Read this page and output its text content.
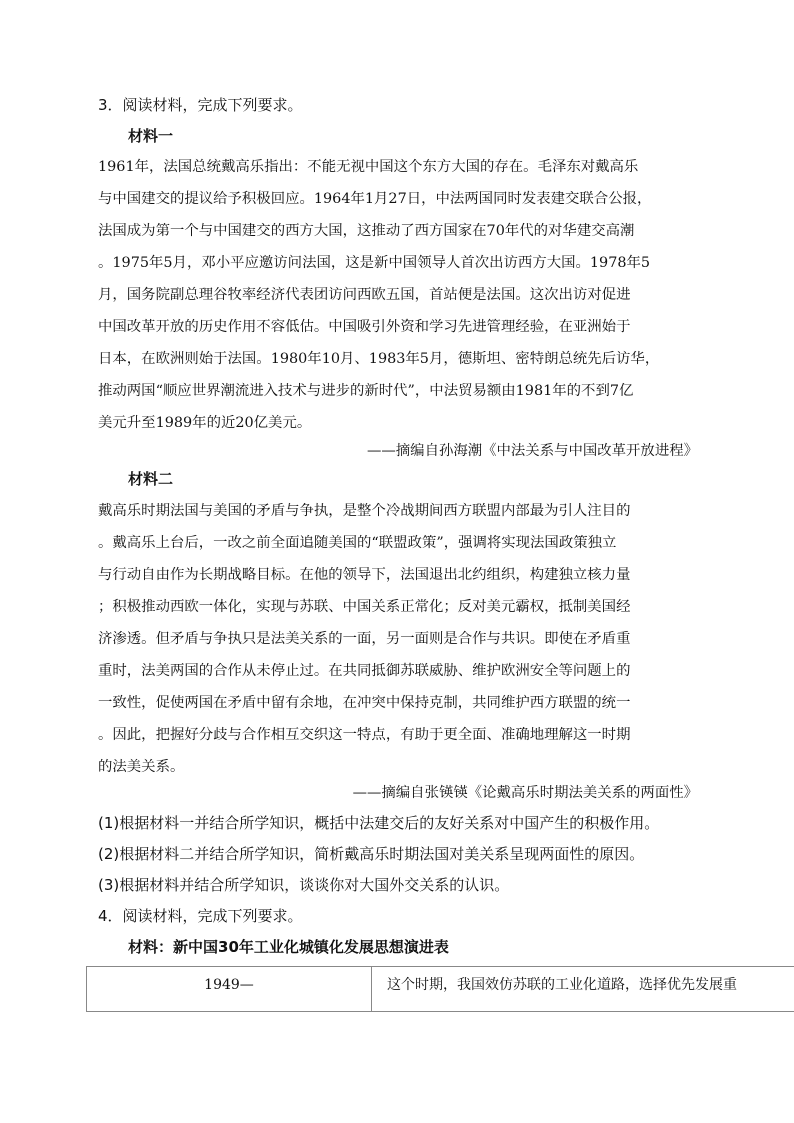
3．阅读材料，完成下列要求。
材料一
1961年，法国总统戴高乐指出：不能无视中国这个东方大国的存在。毛泽东对戴高乐
与中国建交的提议给予积极回应。1964年1月27日，中法两国同时发表建交联合公报，
法国成为第一个与中国建交的西方大国，这推动了西方国家在70年代的对华建交高潮
。1975年5月，邓小平应邀访问法国，这是新中国领导人首次出访西方大国。1978年5
月，国务院副总理谷牧率经济代表团访问西欧五国，首站便是法国。这次出访对促进
中国改革开放的历史作用不容低估。中国吸引外资和学习先进管理经验，在亚洲始于
日本，在欧洲则始于法国。1980年10月、1983年5月，德斯坦、密特朗总统先后访华，
推动两国“顺应世界潮流进入技术与进步的新时代”，中法贸易额由1981年的不到7亿
美元升至1989年的近20亿美元。
——摘编自孙海潮《中法关系与中国改革开放进程》
材料二
戴高乐时期法国与美国的矛盾与争执，是整个冷战期间西方联盟内部最为引人注目的
。戴高乐上台后，一改之前全面追随美国的“联盟政策”，强调将实现法国政策独立
与行动自由作为长期战略目标。在他的领导下，法国退出北约组织，构建独立核力量
；积极推动西欧一体化，实现与苏联、中国关系正常化；反对美元霸权，抵制美国经
济渗透。但矛盾与争执只是法美关系的一面，另一面则是合作与共识。即使在矛盾重
重时，法美两国的合作从未停止过。在共同抵御苏联威胁、维护欧洲安全等问题上的
一致性，促使两国在矛盾中留有余地，在冲突中保持克制，共同维护西方联盟的统一
。因此，把握好分歧与合作相互交织这一特点，有助于更全面、准确地理解这一时期
的法美关系。
——摘编自张锳锳《论戴高乐时期法美关系的两面性》
(1)根据材料一并结合所学知识，概括中法建交后的友好关系对中国产生的积极作用。
(2)根据材料二并结合所学知识，简析戴高乐时期法国对美关系呈现两面性的原因。
(3)根据材料并结合所学知识，谈谈你对大国外交关系的认识。
4．阅读材料，完成下列要求。
材料：新中国30年工业化城镇化发展思想演进表
1949—	这个时期，我国效仿苏联的工业化道路，选择优先发展重
